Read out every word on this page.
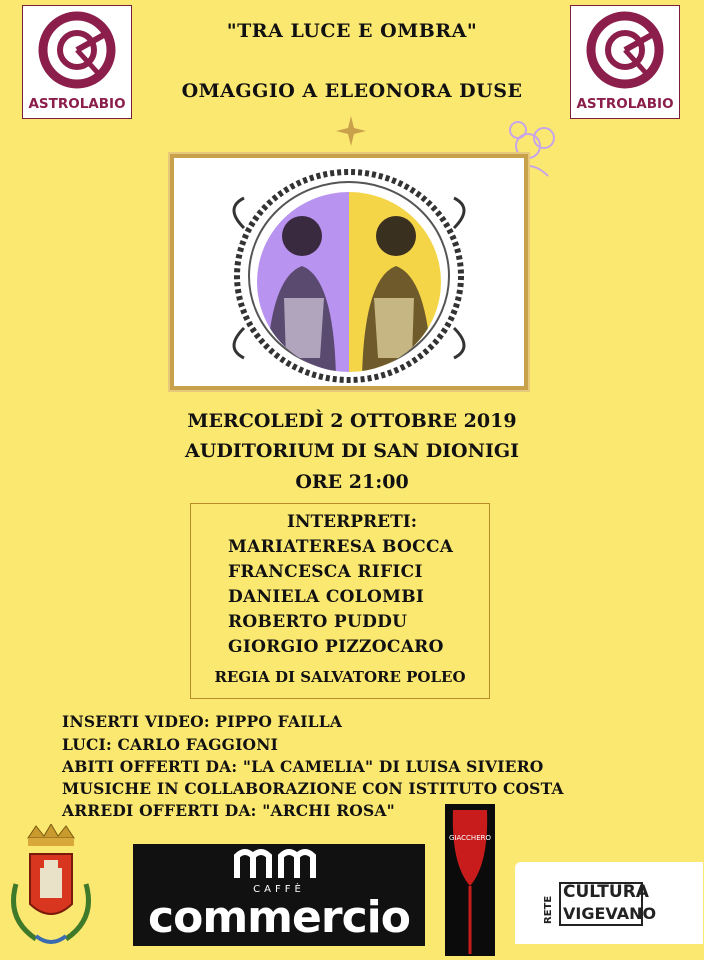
ASTROLABIO	ASTROLABIO
"TRA LUCE E OMBRA"
OMAGGIO A ELEONORA DUSE
MERCOLEDÌ 2 OTTOBRE 2019
AUDITORIUM DI SAN DIONIGI
ORE 21:00
INTERPRETI:
MARIATERESA BOCCA
FRANCESCA RIFICI
DANIELA COLOMBI
ROBERTO PUDDU
GIORGIO PIZZOCARO
REGIA DI SALVATORE POLEO
INSERTI VIDEO: PIPPO FAILLA
LUCI: CARLO FAGGIONI
ABITI OFFERTI DA: "LA CAMELIA" DI LUISA SIVIERO
MUSICHE IN COLLABORAZIONE CON ISTITUTO COSTA
ARREDI OFFERTI DA: "ARCHI ROSA"
CAFFÈ
commercio
GIACCHERO
RETE
CULTURA
VIGEVANO
